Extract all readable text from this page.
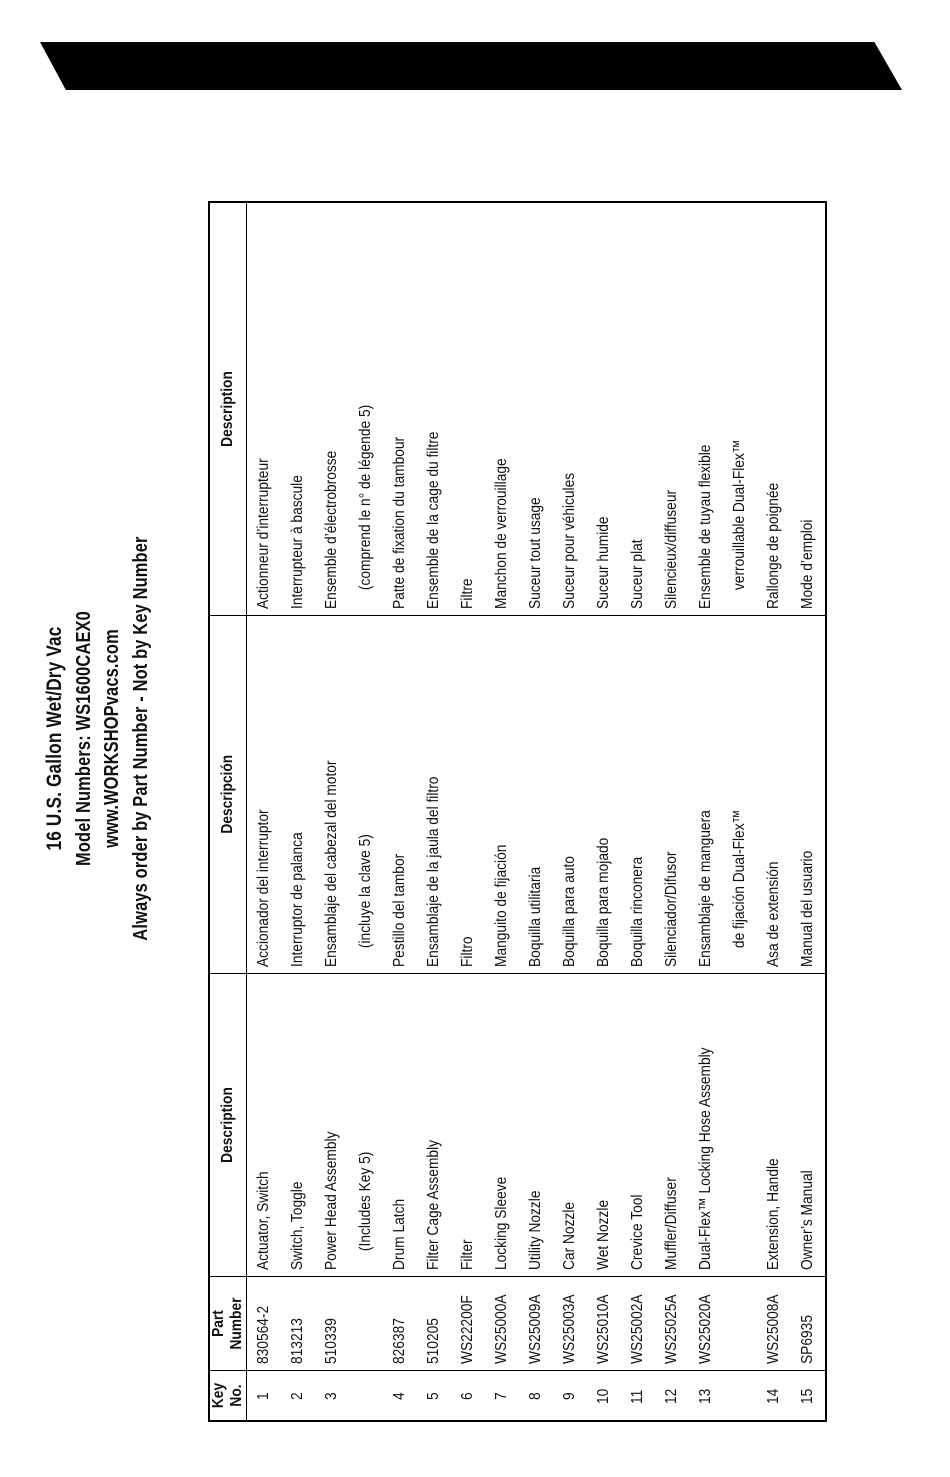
16 U.S. Gallon Wet/Dry Vac Model Numbers: WS1600CAEX0 www.WORKSHOPvacs.com Always order by Part Number - Not by Key Number
Key No.	Part Number	Description	Descripción	Description
1	830564-2	Actuator, Switch	Accionador del interruptor	Actionneur d’interrupteur

2	813213	Switch, Toggle	Interruptor de palanca	Interrupteur à bascule

3	510339	Power Head Assembly (Includes Key 5)	Ensamblaje del cabezal del motor (incluye la clave 5)	Ensemble d’électrobrosse (comprend le n° de légende 5)

4	826387	Drum Latch	Pestillo del tambor	Patte de fixation du tambour

5	510205	Filter Cage Assembly	Ensamblaje de la jaula del filtro	Ensemble de la cage du filtre

6	WS22200F	Filter	Filtro	Filtre

7	WS25000A	Locking Sleeve	Manguito de fijación	Manchon de verrouillage

8	WS25009A	Utility Nozzle	Boquilla utilitaria	Suceur tout usage

9	WS25003A	Car Nozzle	Boquilla para auto	Suceur pour véhicules

10	WS25010A	Wet Nozzle	Boquilla para mojado	Suceur humide

11	WS25002A	Crevice Tool	Boquilla rinconera	Suceur plat

12	WS25025A	Muffler/Diffuser	Silenciador/Difusor	Silencieux/diffuseur

13	WS25020A	Dual-Flex™ Locking Hose Assembly	Ensamblaje de manguera de fijación Dual-Flex™	Ensemble de tuyau flexible verrouillable Dual-Flex™

14	WS25008A	Extension, Handle	Asa de extensión	Rallonge de poignée

15	SP6935	Owner’s Manual	Manual del usuario	Mode d’emploi
